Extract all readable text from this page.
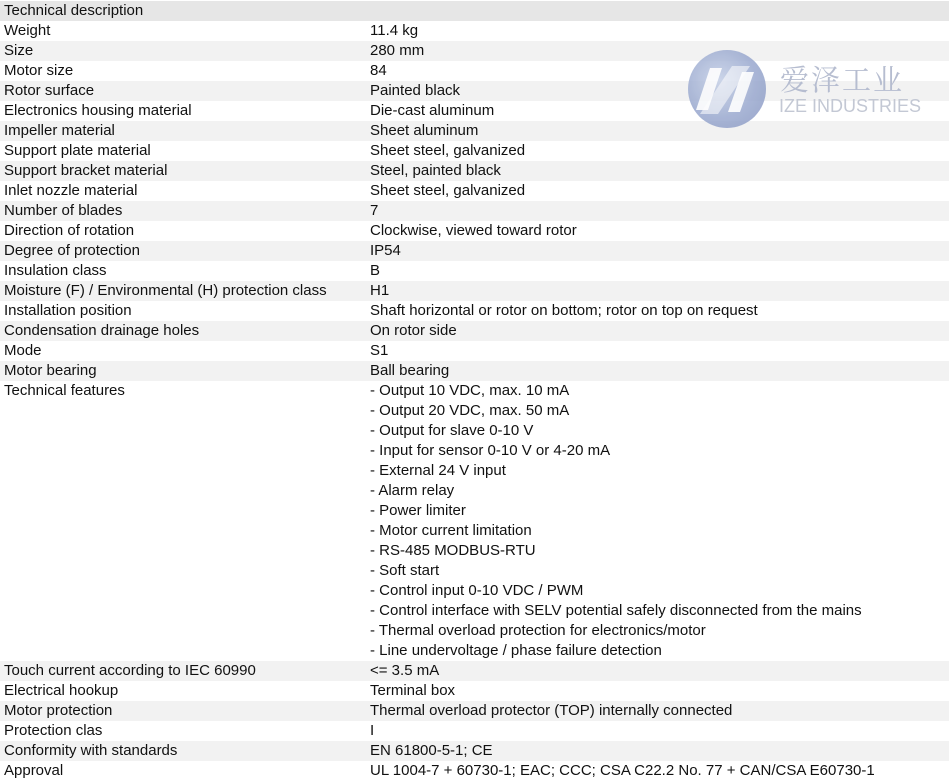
Technical description
Weight	11.4 kg
Size	280 mm
Motor size	84
Rotor surface	Painted black
Electronics housing material	Die-cast aluminum
Impeller material	Sheet aluminum
Support plate material	Sheet steel, galvanized
Support bracket material	Steel, painted black
Inlet nozzle material	Sheet steel, galvanized
Number of blades	7
Direction of rotation	Clockwise, viewed toward rotor
Degree of protection	IP54
Insulation class	B
Moisture (F) / Environmental (H) protection class	H1
Installation position	Shaft horizontal or rotor on bottom; rotor on top on request
Condensation drainage holes	On rotor side
Mode	S1
Motor bearing	Ball bearing
Technical features	- Output 10 VDC, max. 10 mA
- Output 20 VDC, max. 50 mA
- Output for slave 0-10 V
- Input for sensor 0-10 V or 4-20 mA
- External 24 V input
- Alarm relay
- Power limiter
- Motor current limitation
- RS-485 MODBUS-RTU
- Soft start
- Control input 0-10 VDC / PWM
- Control interface with SELV potential safely disconnected from the mains
- Thermal overload protection for electronics/motor
- Line undervoltage / phase failure detection
Touch current according to IEC 60990	<= 3.5 mA
Electrical hookup	Terminal box
Motor protection	Thermal overload protector (TOP) internally connected
Protection clas	I
Conformity with standards	EN 61800-5-1; CE
Approval	UL 1004-7 + 60730-1; EAC; CCC; CSA C22.2 No. 77 + CAN/CSA E60730-1
爱泽工业
IZE INDUSTRIES
